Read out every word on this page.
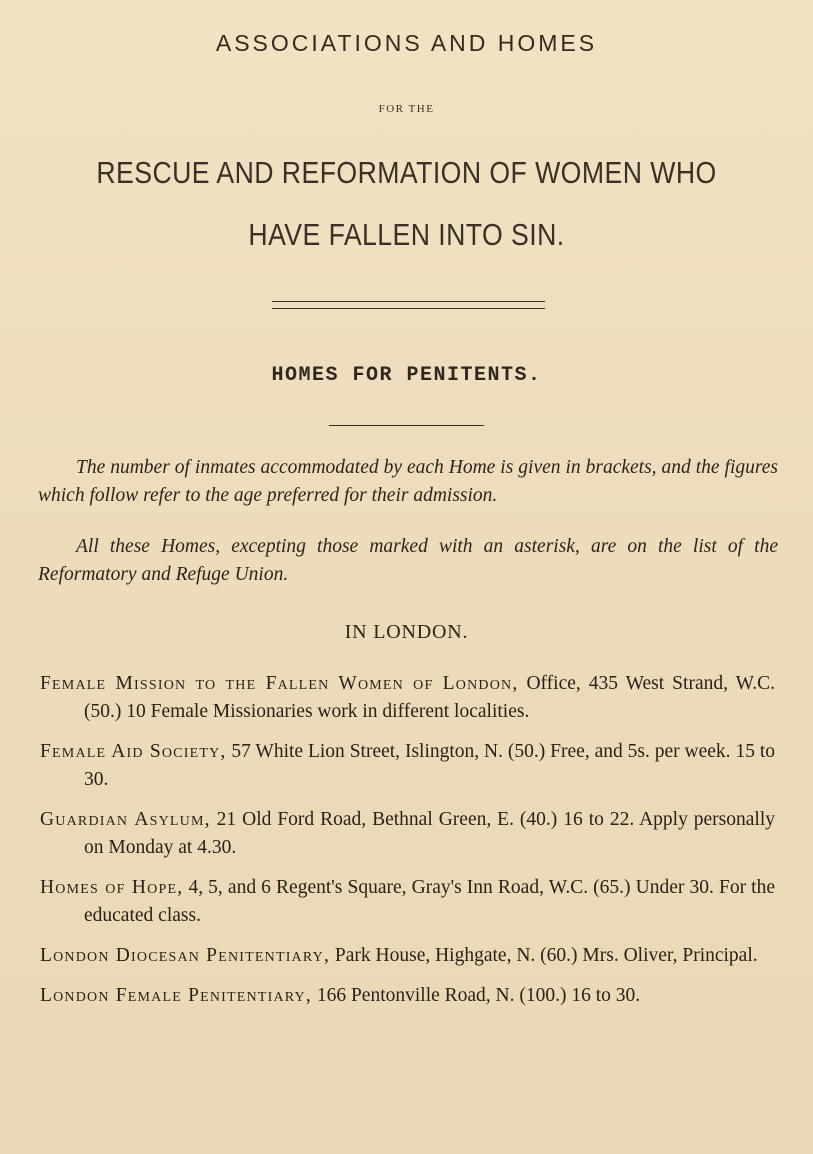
ASSOCIATIONS AND HOMES
FOR THE
RESCUE AND REFORMATION OF WOMEN WHO
HAVE FALLEN INTO SIN.
HOMES FOR PENITENTS.
The number of inmates accommodated by each Home is given in brackets, and the figures which follow refer to the age preferred for their admission.
All these Homes, excepting those marked with an asterisk, are on the list of the Reformatory and Refuge Union.
IN LONDON.
Female Mission to the Fallen Women of London, Office, 435 West Strand, W.C. (50.) 10 Female Missionaries work in different localities.
Female Aid Society, 57 White Lion Street, Islington, N. (50.) Free, and 5s. per week. 15 to 30.
Guardian Asylum, 21 Old Ford Road, Bethnal Green, E. (40.) 16 to 22. Apply personally on Monday at 4.30.
Homes of Hope, 4, 5, and 6 Regent's Square, Gray's Inn Road, W.C. (65.) Under 30. For the educated class.
London Diocesan Penitentiary, Park House, Highgate, N. (60.) Mrs. Oliver, Principal.
London Female Penitentiary, 166 Pentonville Road, N. (100.) 16 to 30.
